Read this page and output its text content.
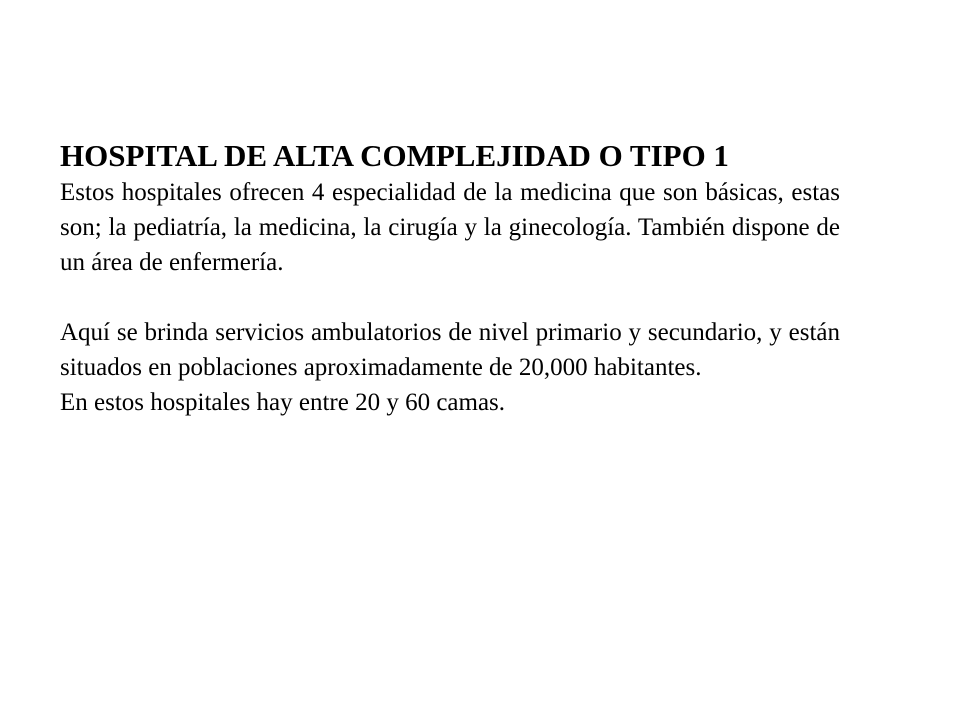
HOSPITAL DE ALTA COMPLEJIDAD O TIPO 1

Estos hospitales ofrecen 4 especialidad de la medicina que son básicas, estas son; la pediatría, la medicina, la cirugía y la ginecología. También dispone de un área de enfermería.

Aquí se brinda servicios ambulatorios de nivel primario y secundario, y están situados en poblaciones aproximadamente de 20,000 habitantes.

En estos hospitales hay entre 20 y 60 camas.
